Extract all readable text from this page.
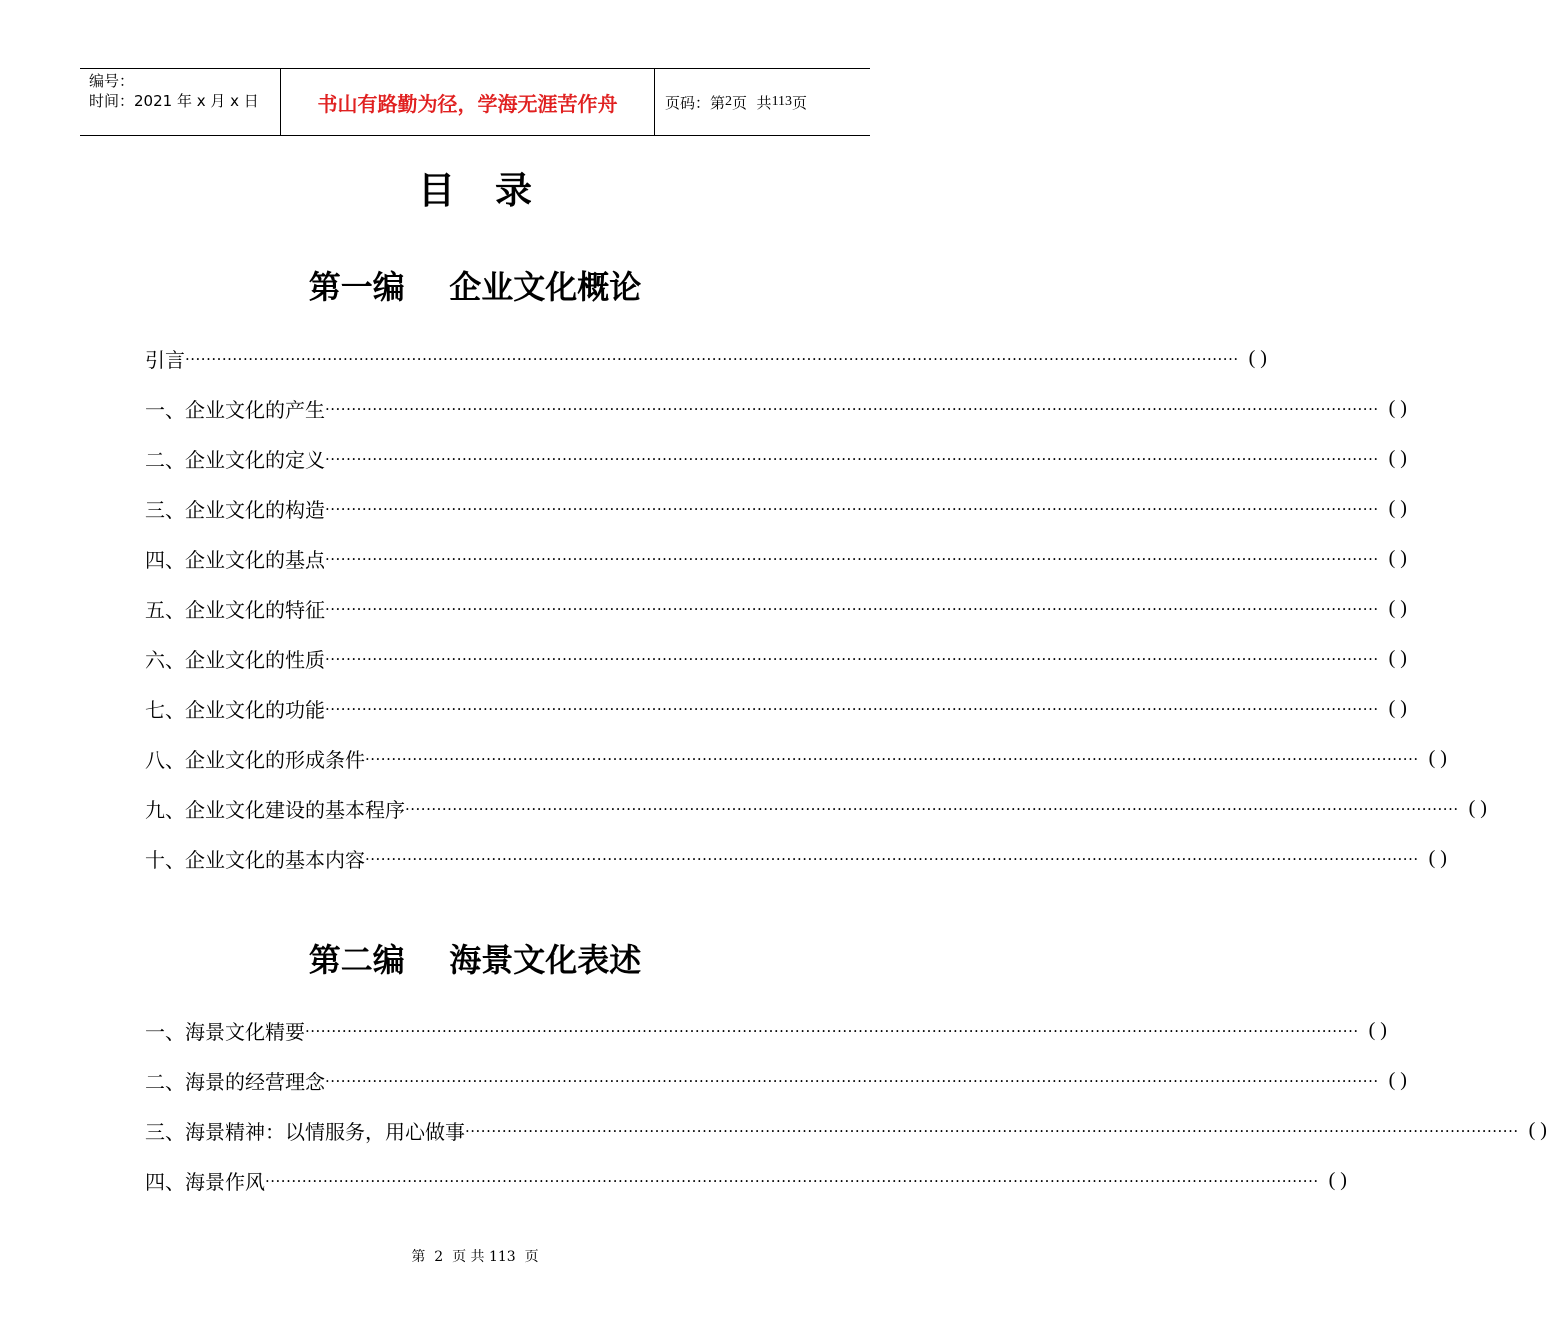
编号：
时间：2021 年 x 月 x 日	书山有路勤为径，学海无涯苦作舟	页码：第 2 页  共 113 页
目录
第一编    企业文化概论
引言 ········································································································································································································ ( )
一、企业文化的产生 ········································································································································································································ ( )
二、企业文化的定义 ········································································································································································································ ( )
三、企业文化的构造 ········································································································································································································ ( )
四、企业文化的基点 ········································································································································································································ ( )
五、企业文化的特征 ········································································································································································································ ( )
六、企业文化的性质 ········································································································································································································ ( )
七、企业文化的功能 ········································································································································································································ ( )
八、企业文化的形成条件 ········································································································································································································ ( )
九、企业文化建设的基本程序 ········································································································································································································ ( )
十、企业文化的基本内容 ········································································································································································································ ( )
第二编    海景文化表述
一、海景文化精要 ········································································································································································································ ( )
二、海景的经营理念 ········································································································································································································ ( )
三、海景精神：以情服务，用心做事 ········································································································································································································ ( )
四、海景作风 ········································································································································································································ ( )
第  2  页 共 113  页
